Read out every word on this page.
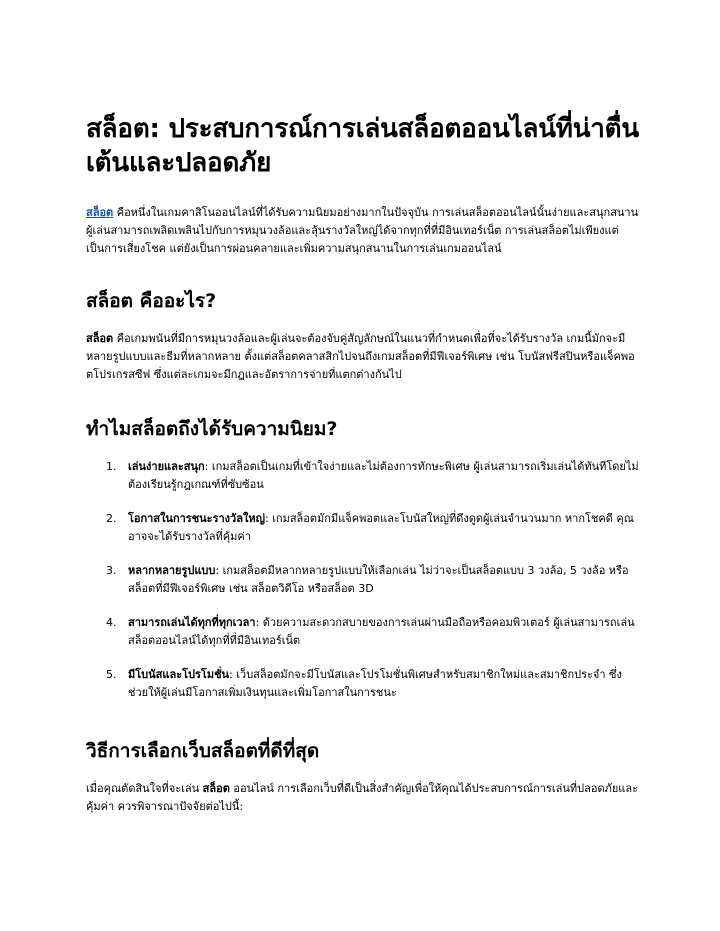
สล็อต: ประสบการณ์การเล่นสล็อตออนไลน์ที่น่าตื่นเต้นและปลอดภัย

สล็อต คือหนึ่งในเกมคาสิโนออนไลน์ที่ได้รับความนิยมอย่างมากในปัจจุบัน การเล่นสล็อตออนไลน์นั้นง่ายและสนุกสนาน ผู้เล่นสามารถเพลิดเพลินไปกับการหมุนวงล้อและลุ้นรางวัลใหญ่ได้จากทุกที่ที่มีอินเทอร์เน็ต การเล่นสล็อตไม่เพียงแต่เป็นการเสี่ยงโชค แต่ยังเป็นการผ่อนคลายและเพิ่มความสนุกสนานในการเล่นเกมออนไลน์

สล็อต คืออะไร?

สล็อต คือเกมพนันที่มีการหมุนวงล้อและผู้เล่นจะต้องจับคู่สัญลักษณ์ในแนวที่กำหนดเพื่อที่จะได้รับรางวัล เกมนี้มักจะมีหลายรูปแบบและธีมที่หลากหลาย ตั้งแต่สล็อตคลาสสิกไปจนถึงเกมสล็อตที่มีฟีเจอร์พิเศษ เช่น โบนัสฟรีสปินหรือแจ็คพอตโปรเกรสซีฟ ซึ่งแต่ละเกมจะมีกฎและอัตราการจ่ายที่แตกต่างกันไป

ทำไมสล็อตถึงได้รับความนิยม?
1. เล่นง่ายและสนุก: เกมสล็อตเป็นเกมที่เข้าใจง่ายและไม่ต้องการทักษะพิเศษ ผู้เล่นสามารถเริ่มเล่นได้ทันทีโดยไม่ต้องเรียนรู้กฎเกณฑ์ที่ซับซ้อน
2. โอกาสในการชนะรางวัลใหญ่: เกมสล็อตมักมีแจ็คพอตและโบนัสใหญ่ที่ดึงดูดผู้เล่นจำนวนมาก หากโชคดี คุณอาจจะได้รับรางวัลที่คุ้มค่า
3. หลากหลายรูปแบบ: เกมสล็อตมีหลากหลายรูปแบบให้เลือกเล่น ไม่ว่าจะเป็นสล็อตแบบ 3 วงล้อ, 5 วงล้อ หรือสล็อตที่มีฟีเจอร์พิเศษ เช่น สล็อตวิดีโอ หรือสล็อต 3D
4. สามารถเล่นได้ทุกที่ทุกเวลา: ด้วยความสะดวกสบายของการเล่นผ่านมือถือหรือคอมพิวเตอร์ ผู้เล่นสามารถเล่นสล็อตออนไลน์ได้ทุกที่ที่มีอินเทอร์เน็ต
5. มีโบนัสและโปรโมชั่น: เว็บสล็อตมักจะมีโบนัสและโปรโมชั่นพิเศษสำหรับสมาชิกใหม่และสมาชิกประจำ ซึ่งช่วยให้ผู้เล่นมีโอกาสเพิ่มเงินทุนและเพิ่มโอกาสในการชนะ
วิธีการเลือกเว็บสล็อตที่ดีที่สุด

เมื่อคุณตัดสินใจที่จะเล่น สล็อต ออนไลน์ การเลือกเว็บที่ดีเป็นสิ่งสำคัญเพื่อให้คุณได้ประสบการณ์การเล่นที่ปลอดภัยและคุ้มค่า ควรพิจารณาปัจจัยต่อไปนี้:
